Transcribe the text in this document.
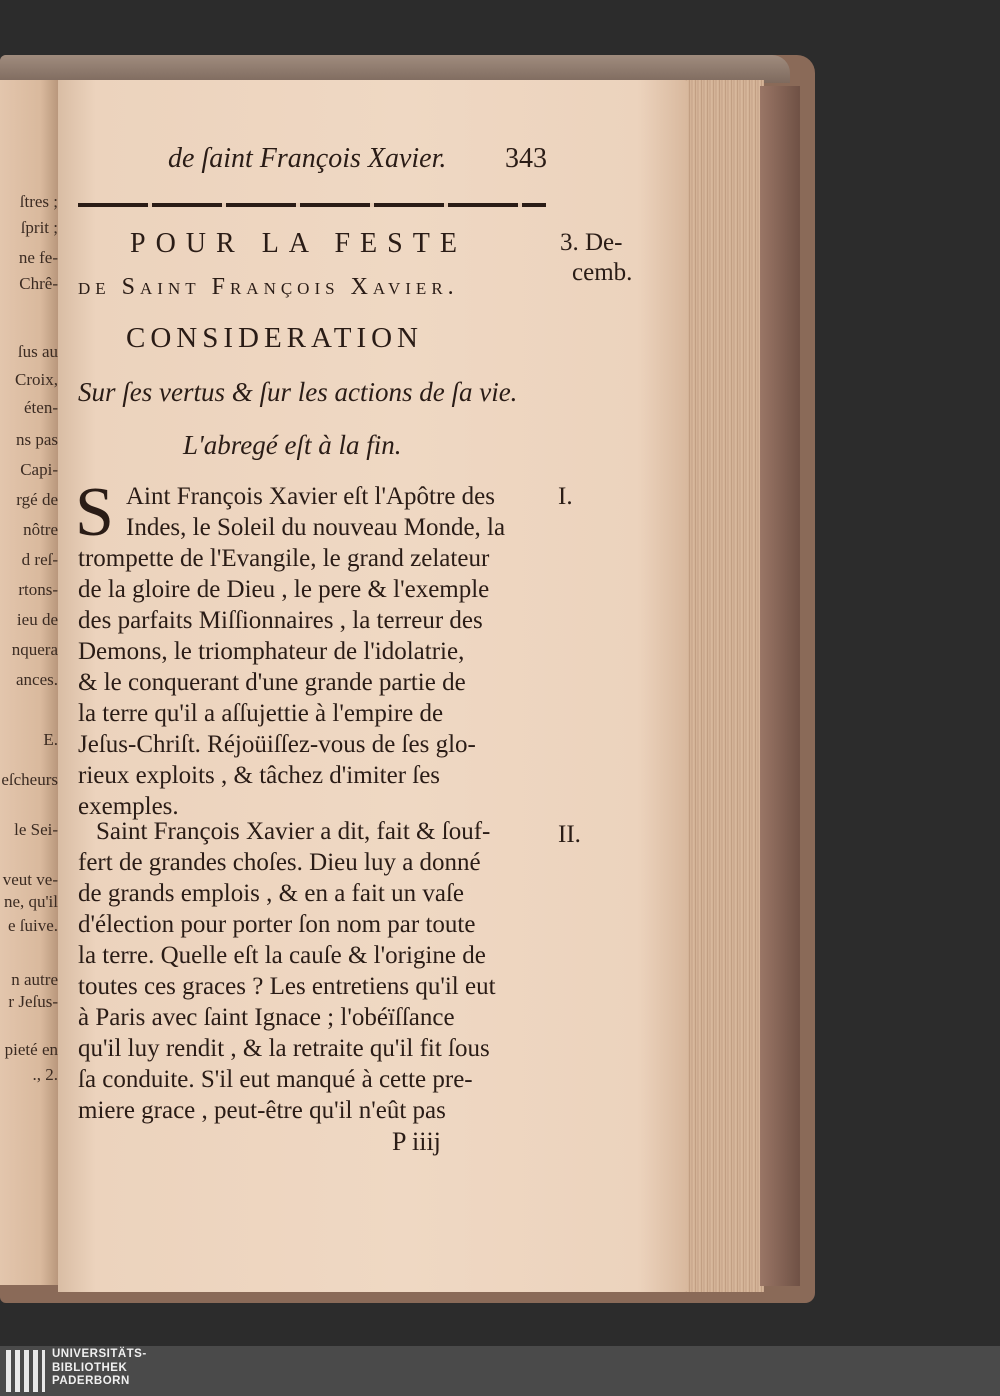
ſtres ;
ſprit ;
ne fe-
Chrê-
ſus au
Croix,
éten-
ns pas
Capi-
rgé de
nôtre
d reſ-
rtons-
ieu de
nquera
ances.
E.
eſcheurs
le Sei-
veut ve-
ne, qu'il
e ſuive.
n autre
r Jeſus-
pieté en
., 2.
de ſaint François Xavier. 343
POUR LA FESTE
de Saint François Xavier.
CONSIDERATION
Sur ſes vertus & ſur les actions de ſa vie.
L'abregé eſt à la fin.
3. De-
cemb.
I.
II.
S Aint François Xavier eſt l'Apôtre des
Indes, le Soleil du nouveau Monde, la
trompette de l'Evangile, le grand zelateur
de la gloire de Dieu , le pere & l'exemple
des parfaits Miſſionnaires , la terreur des
Demons, le triomphateur de l'idolatrie,
& le conquerant d'une grande partie de
la terre qu'il a aſſujettie à l'empire de
Jeſus-Chriſt. Réjoüiſſez-vous de ſes glo-
rieux exploits , & tâchez d'imiter ſes
exemples.
Saint François Xavier a dit, fait & ſouf-
fert de grandes choſes. Dieu luy a donné
de grands emplois , & en a fait un vaſe
d'élection pour porter ſon nom par toute
la terre. Quelle eſt la cauſe & l'origine de
toutes ces graces ? Les entretiens qu'il eut
à Paris avec ſaint Ignace ; l'obéïſſance
qu'il luy rendit , & la retraite qu'il fit ſous
ſa conduite. S'il eut manqué à cette pre-
miere grace , peut-être qu'il n'eût pas
P iiij
UNIVERSITÄTS-
BIBLIOTHEK
PADERBORN
